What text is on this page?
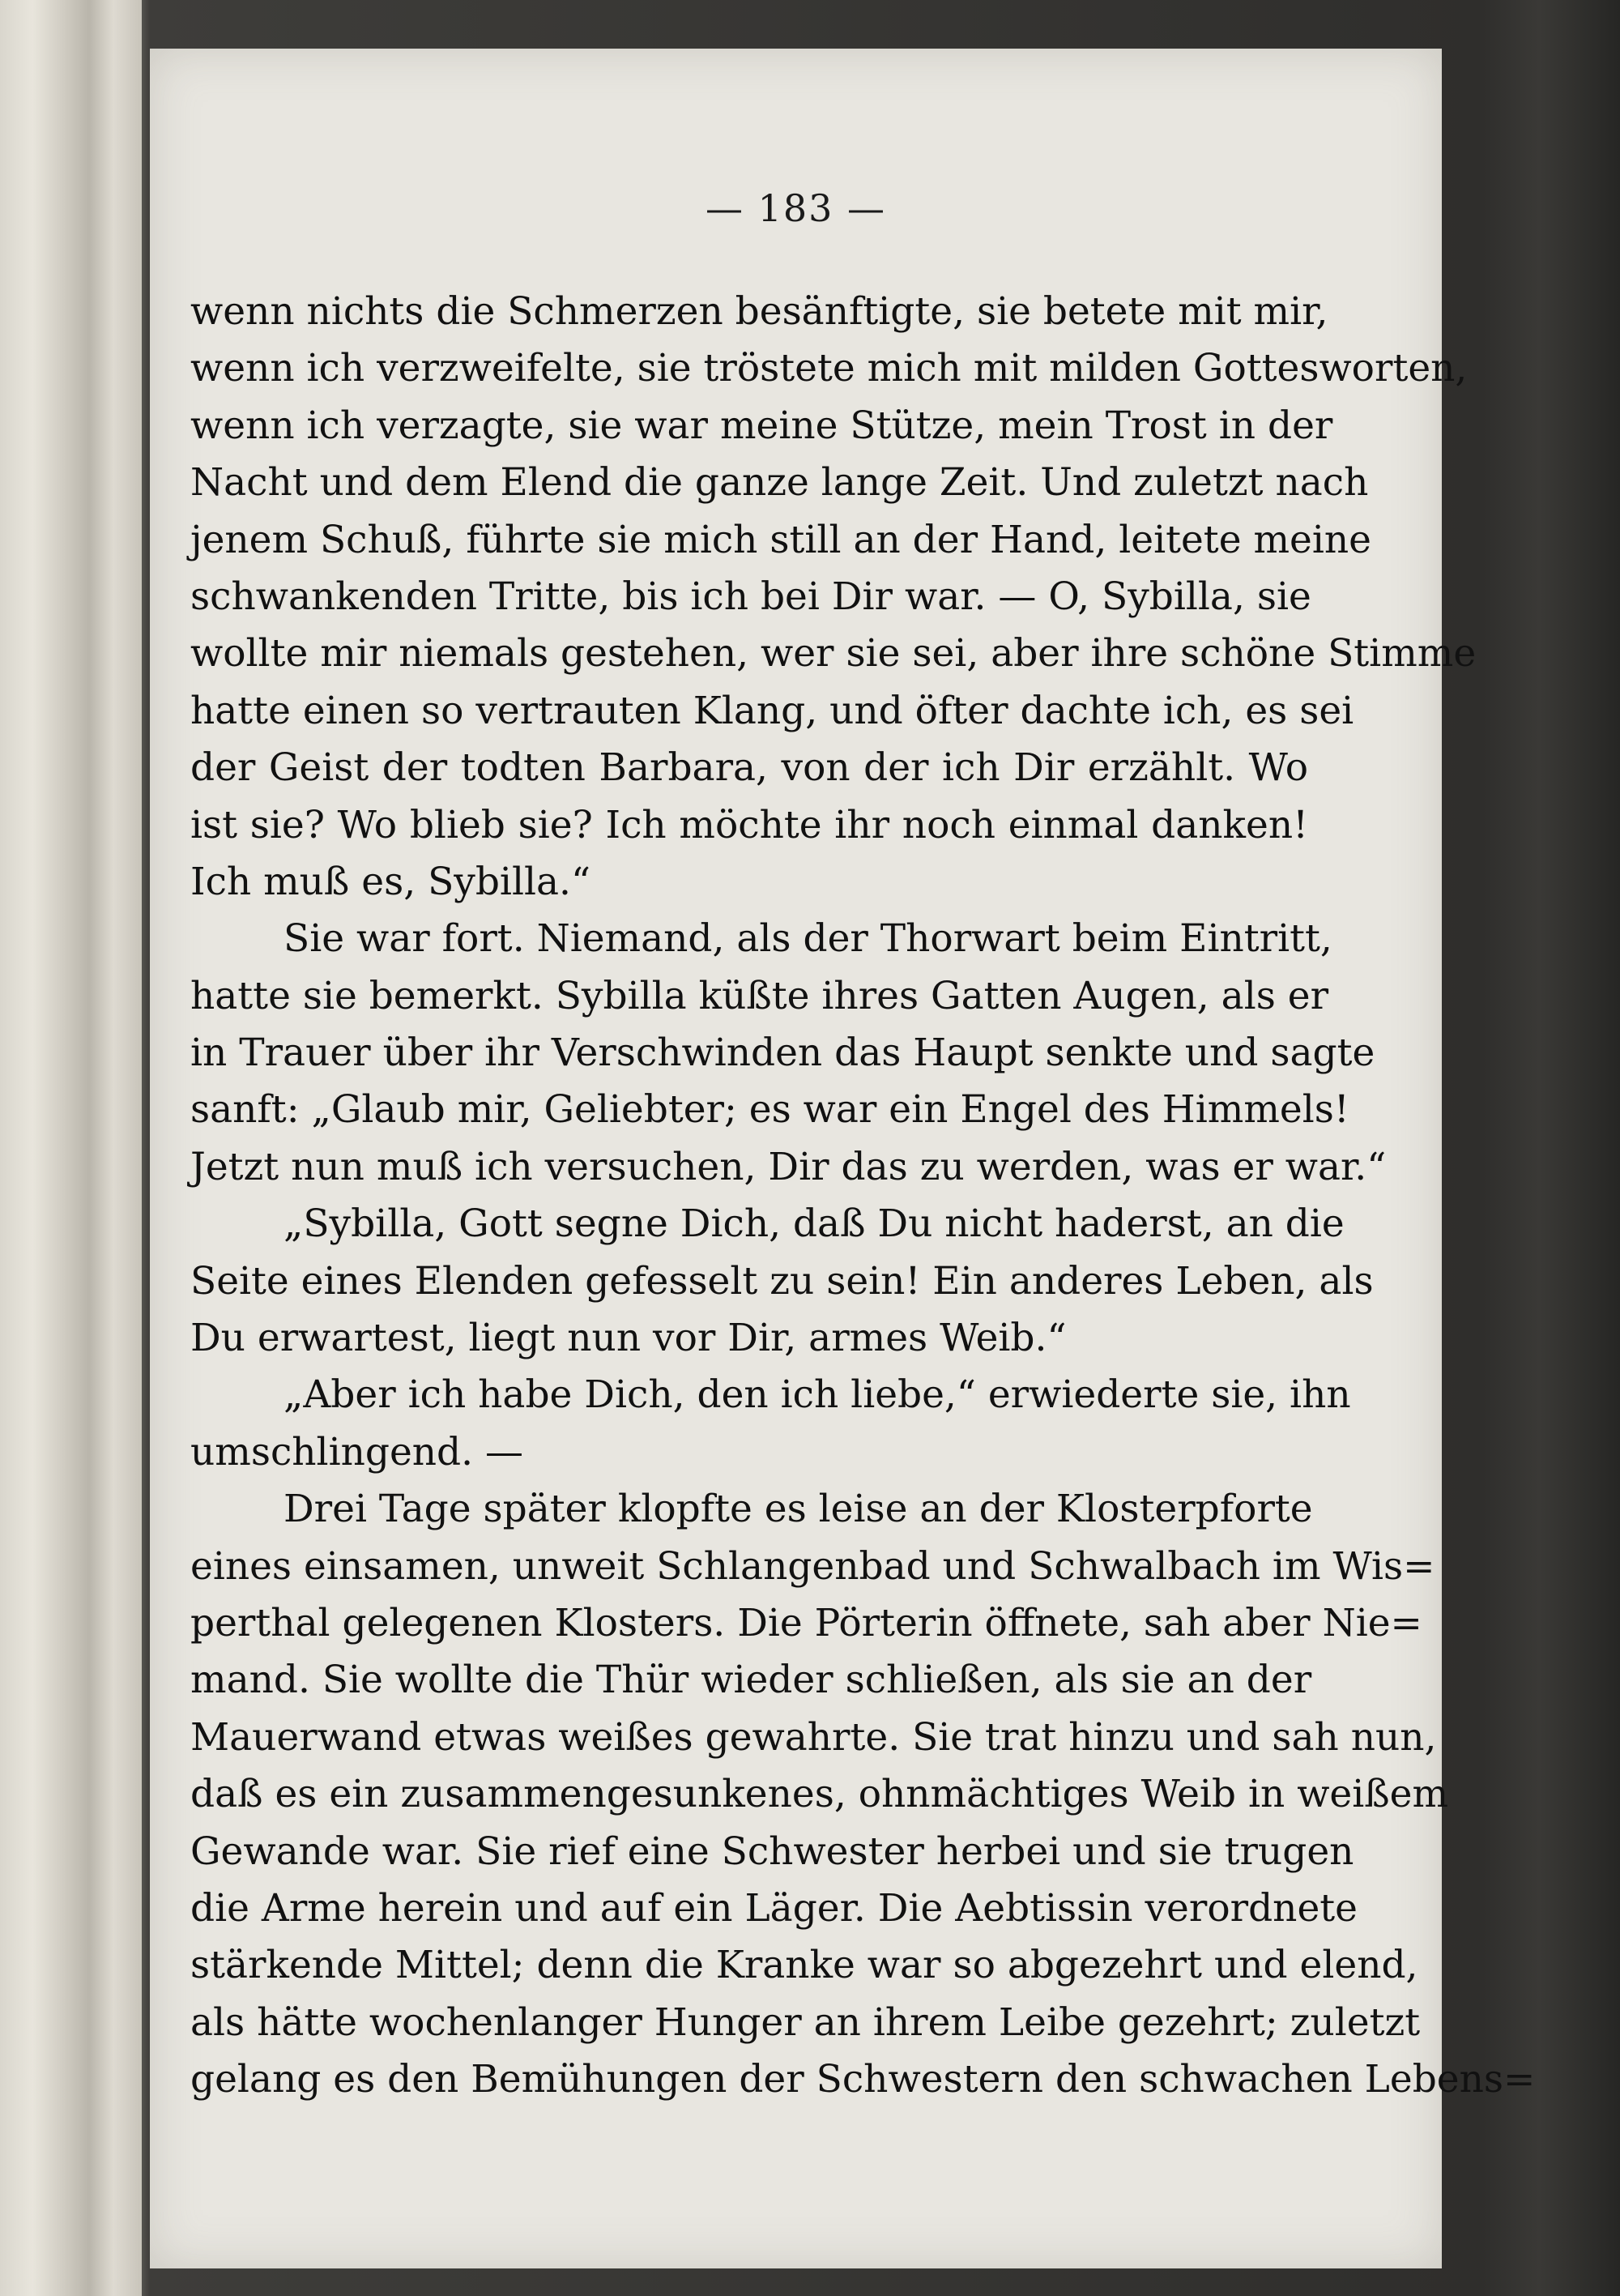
— 183 —
wenn nichts die Schmerzen besänftigte, sie betete mit mir,
wenn ich verzweifelte, sie tröstete mich mit milden Gottesworten,
wenn ich verzagte, sie war meine Stütze, mein Trost in der
Nacht und dem Elend die ganze lange Zeit. Und zuletzt nach
jenem Schuß, führte sie mich still an der Hand, leitete meine
schwankenden Tritte, bis ich bei Dir war. — O, Sybilla, sie
wollte mir niemals gestehen, wer sie sei, aber ihre schöne Stimme
hatte einen so vertrauten Klang, und öfter dachte ich, es sei
der Geist der todten Barbara, von der ich Dir erzählt. Wo
ist sie? Wo blieb sie? Ich möchte ihr noch einmal danken!
Ich muß es, Sybilla.“
Sie war fort. Niemand, als der Thorwart beim Eintritt,
hatte sie bemerkt. Sybilla küßte ihres Gatten Augen, als er
in Trauer über ihr Verschwinden das Haupt senkte und sagte
sanft: „Glaub mir, Geliebter; es war ein Engel des Himmels!
Jetzt nun muß ich versuchen, Dir das zu werden, was er war.“
„Sybilla, Gott segne Dich, daß Du nicht haderst, an die
Seite eines Elenden gefesselt zu sein! Ein anderes Leben, als
Du erwartest, liegt nun vor Dir, armes Weib.“
„Aber ich habe Dich, den ich liebe,“ erwiederte sie, ihn
umschlingend. —
Drei Tage später klopfte es leise an der Klosterpforte
eines einsamen, unweit Schlangenbad und Schwalbach im Wis=
perthal gelegenen Klosters. Die Pörterin öffnete, sah aber Nie=
mand. Sie wollte die Thür wieder schließen, als sie an der
Mauerwand etwas weißes gewahrte. Sie trat hinzu und sah nun,
daß es ein zusammengesunkenes, ohnmächtiges Weib in weißem
Gewande war. Sie rief eine Schwester herbei und sie trugen
die Arme herein und auf ein Läger. Die Aebtissin verordnete
stärkende Mittel; denn die Kranke war so abgezehrt und elend,
als hätte wochenlanger Hunger an ihrem Leibe gezehrt; zuletzt
gelang es den Bemühungen der Schwestern den schwachen Lebens=
